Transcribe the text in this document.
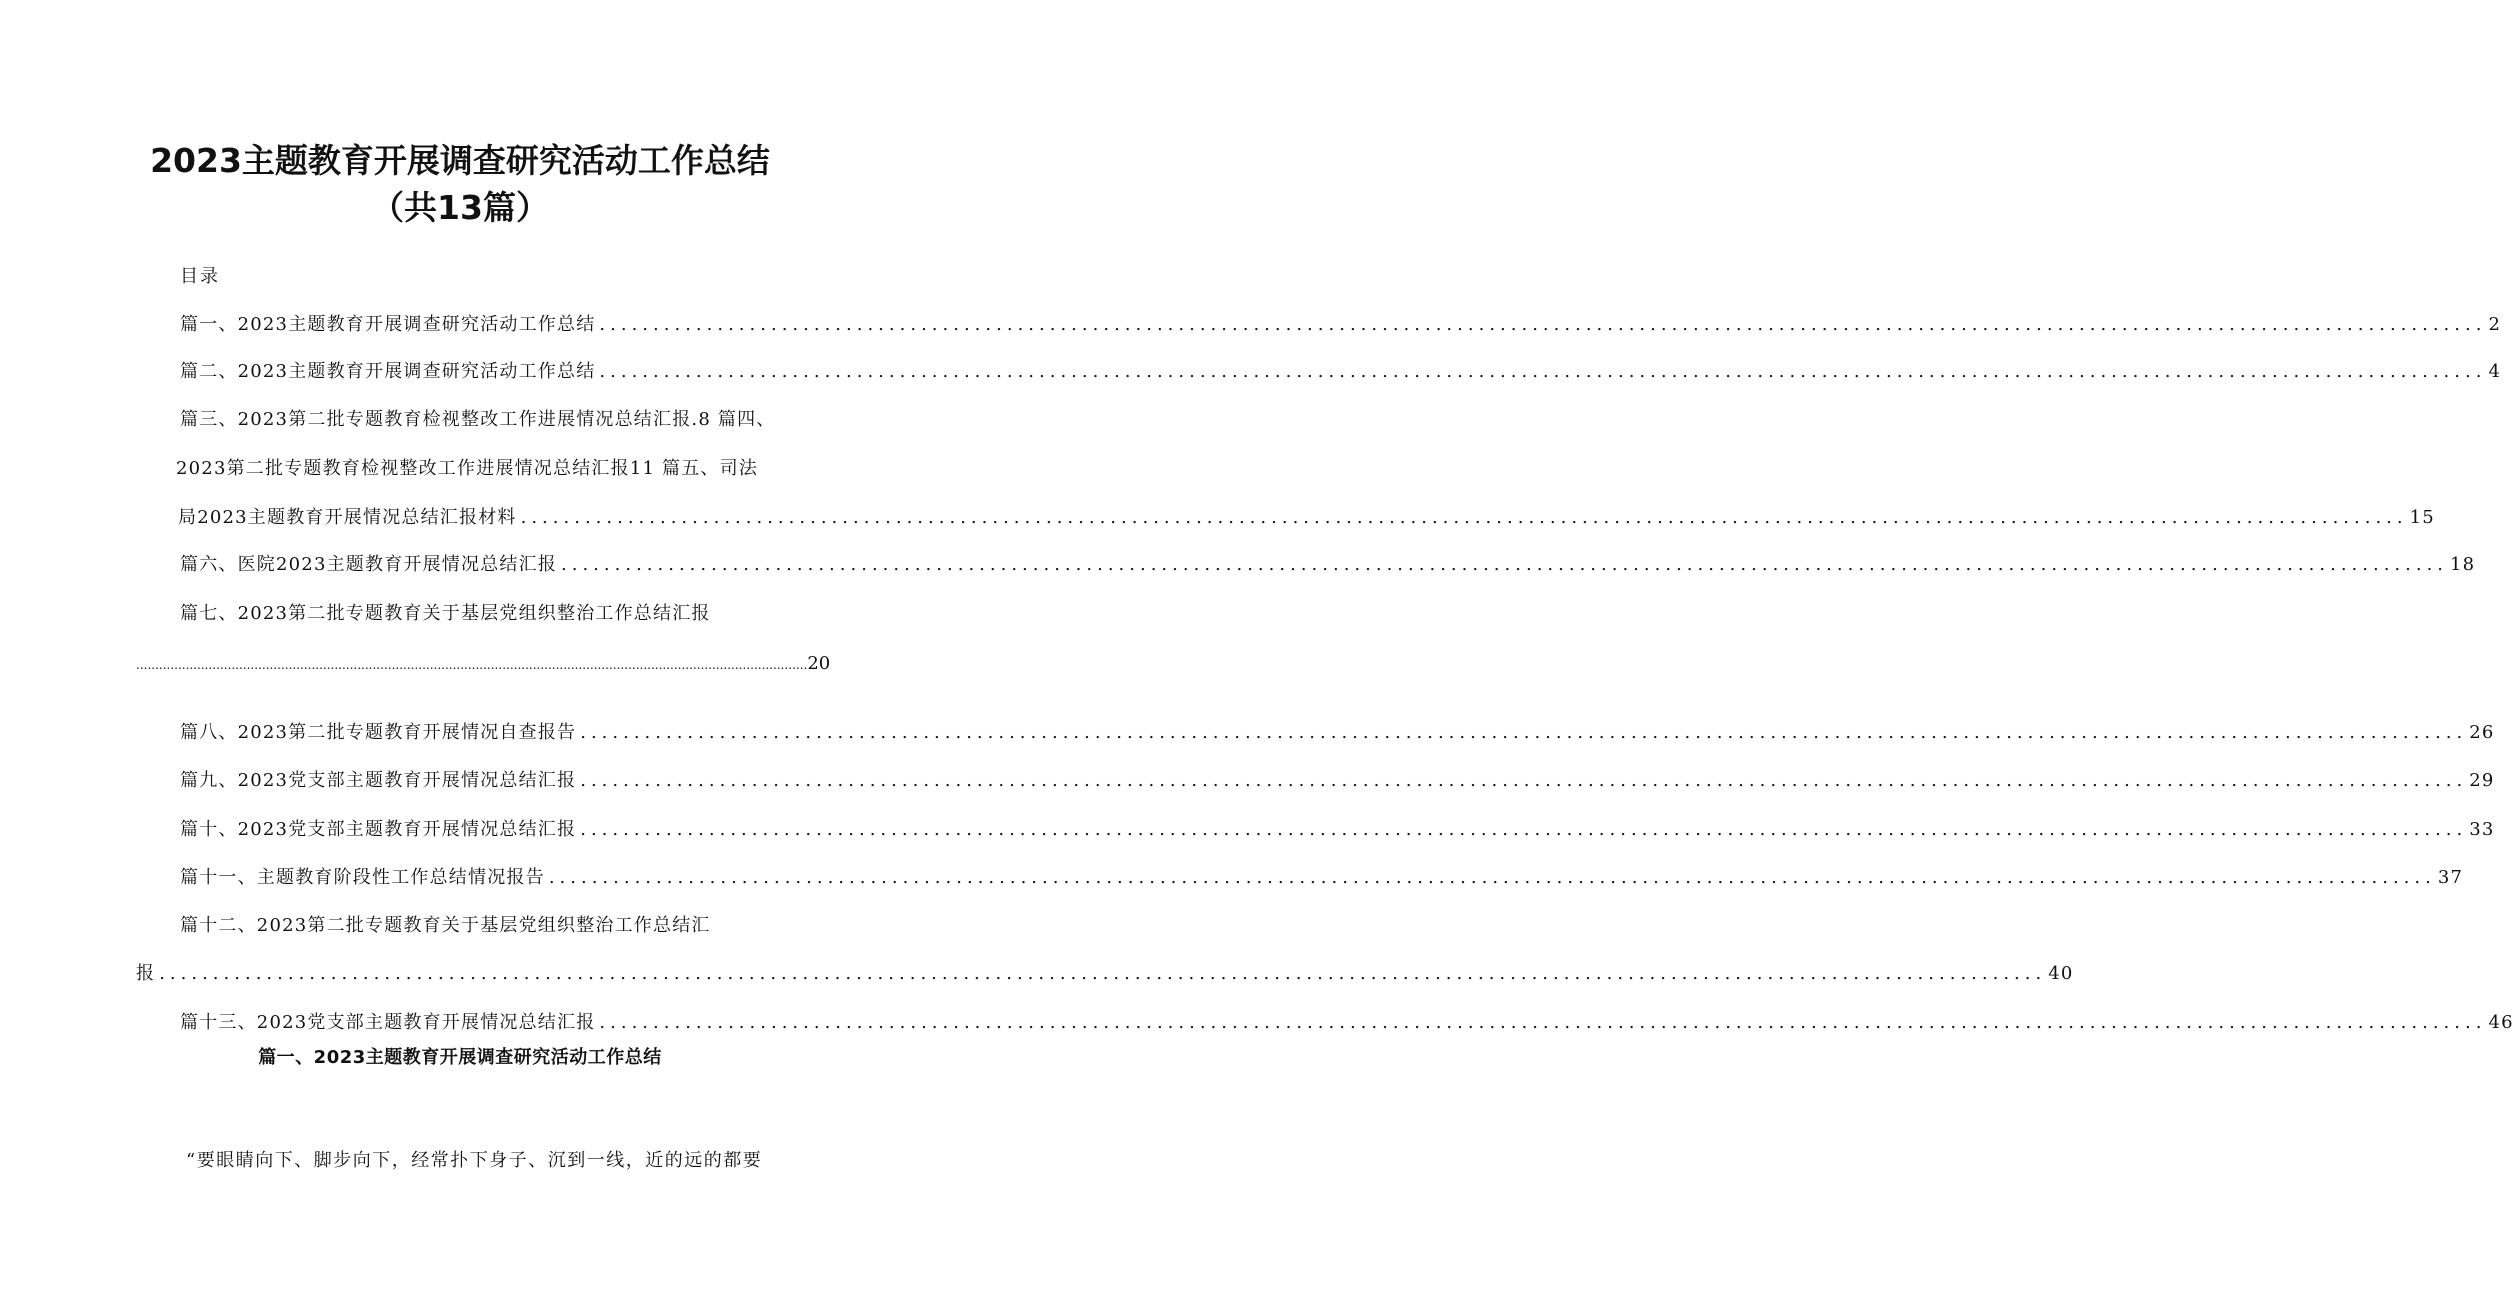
2023主题教育开展调查研究活动工作总结
（共13篇）
目录
篇一、2023主题教育开展调查研究活动工作总结 ................................................................................................................................................................................ 2
篇二、2023主题教育开展调查研究活动工作总结 ................................................................................................................................................................................ 4
篇三、2023第二批专题教育检视整改工作进展情况总结汇报.8 篇四、
2023第二批专题教育检视整改工作进展情况总结汇报11 篇五、司法
局2023主题教育开展情况总结汇报材料 ................................................................................................................................................................................ 15
篇六、医院2023主题教育开展情况总结汇报 ................................................................................................................................................................................ 18
篇七、2023第二批专题教育关于基层党组织整治工作总结汇报
................................................................................................................................................................................ 20
篇八、2023第二批专题教育开展情况自查报告 ................................................................................................................................................................................ 26
篇九、2023党支部主题教育开展情况总结汇报 ................................................................................................................................................................................ 29
篇十、2023党支部主题教育开展情况总结汇报 ................................................................................................................................................................................ 33
篇十一、主题教育阶段性工作总结情况报告 ................................................................................................................................................................................ 37
篇十二、2023第二批专题教育关于基层党组织整治工作总结汇
报 ................................................................................................................................................................................ 40
篇十三、2023党支部主题教育开展情况总结汇报 ................................................................................................................................................................................ 46
篇一、2023主题教育开展调查研究活动工作总结
“要眼睛向下、脚步向下，经常扑下身子、沉到一线，近的远的都要
